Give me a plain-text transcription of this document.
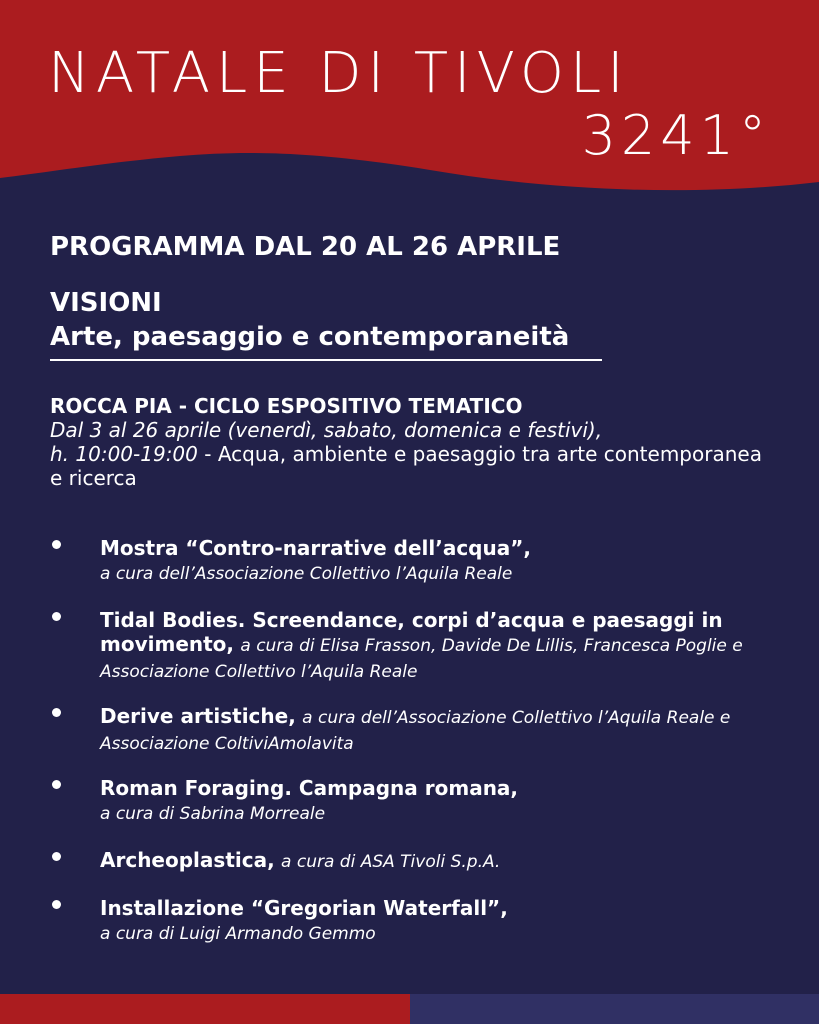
NATALE DI TIVOLI
3241°
PROGRAMMA DAL 20 AL 26 APRILE
VISIONI
Arte, paesaggio e contemporaneità
ROCCA PIA - CICLO ESPOSITIVO TEMATICO
Dal 3 al 26 aprile (venerdì, sabato, domenica e festivi),
h. 10:00-19:00 - Acqua, ambiente e paesaggio tra arte contemporanea e ricerca
Mostra “Contro-narrative dell’acqua”,
a cura dell’Associazione Collettivo l’Aquila Reale
Tidal Bodies. Screendance, corpi d’acqua e paesaggi in movimento, a cura di Elisa Frasson, Davide De Lillis, Francesca Poglie e Associazione Collettivo l’Aquila Reale
Derive artistiche, a cura dell’Associazione Collettivo l’Aquila Reale e Associazione ColtiviAmolavita
Roman Foraging. Campagna romana,
a cura di Sabrina Morreale
Archeoplastica, a cura di ASA Tivoli S.p.A.
Installazione “Gregorian Waterfall”,
a cura di Luigi Armando Gemmo
